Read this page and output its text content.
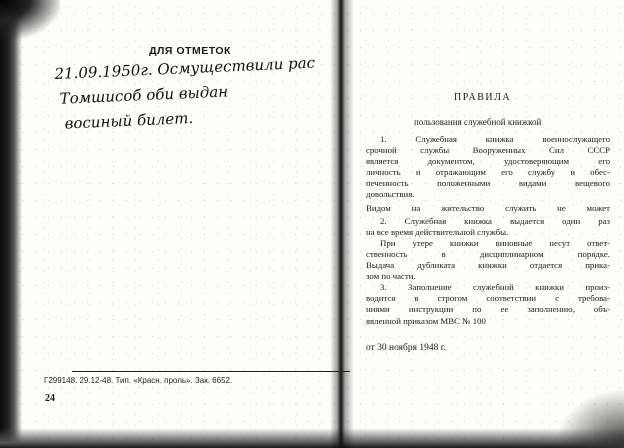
ДЛЯ ОТМЕТОК
21.09.1950г. Осмуществили рас
Томшисоб оби выдан
восиный билет.
Г299148. 29.12-48. Тип. «Красн. проль». Зак. 6652.
24
ПРАВИЛА
пользования служебной книжкой

1. Служебная книжка военнослужащего
срочной службы Вооруженных Сил СССР
является документом, удостоверяющим его
личность и отражающим его службу и обес-
печенность положенными видами вещевого
довольствия.

Видом на жительство служить не может

2. Служебная книжка выдается один раз
на все время действительной службы.

При утере книжки виновные несут ответ-
ственность в дисциплинарном порядке.
Выдача дубликата книжки отдается прика-
зом по части.

3. Заполнение служебной книжки произ-
водится в строгом соответствии с требова-
ниями инструкции по ее заполнению, объ-
явленной приказом МВС № 100

от 30 ноября 1948 г.
